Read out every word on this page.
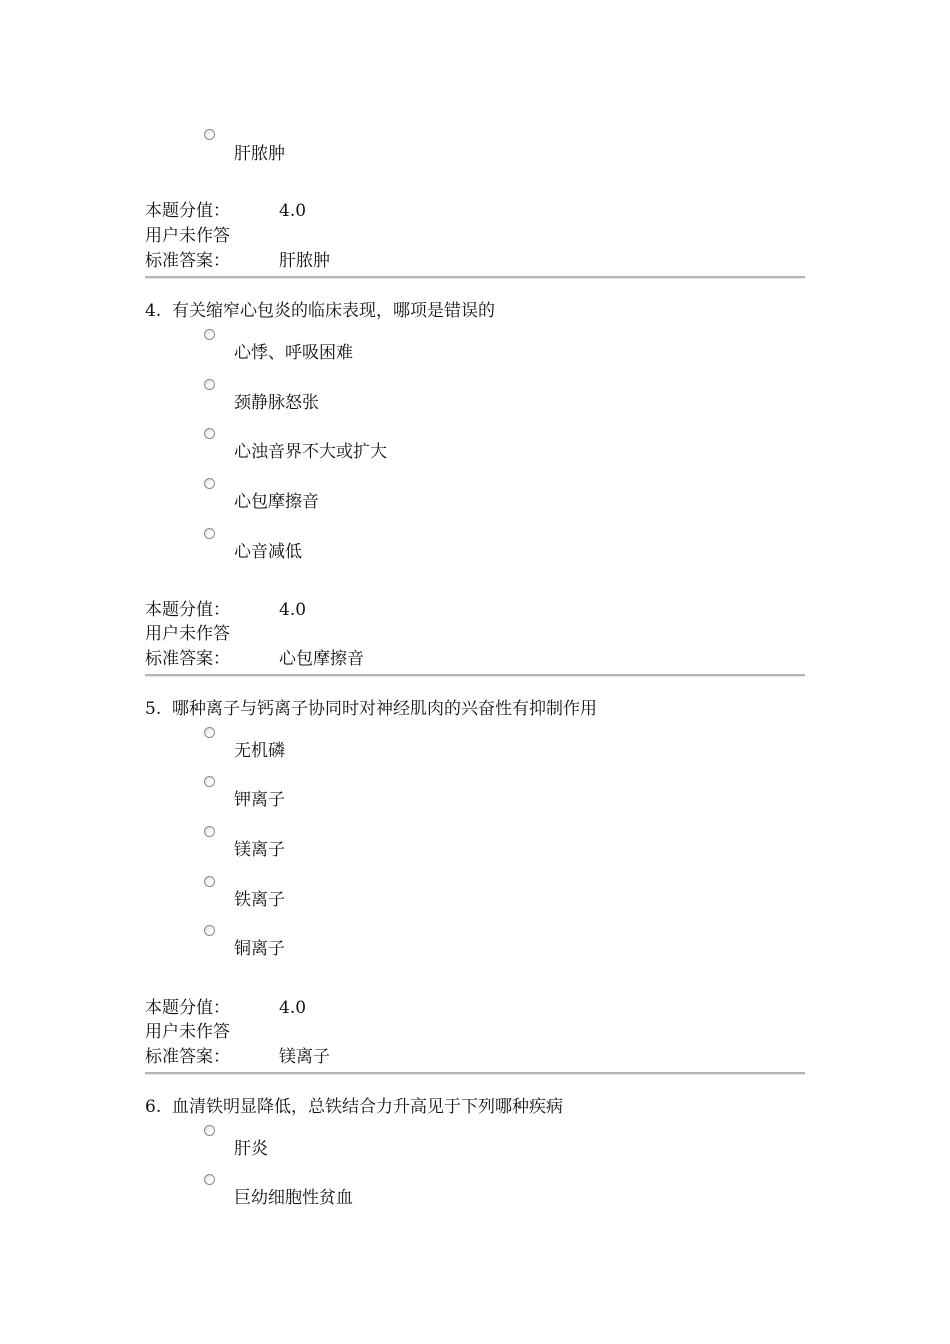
肝脓肿
本题分值：	4.0
用户未作答
标准答案：	肝脓肿
4. 有关缩窄心包炎的临床表现，哪项是错误的
心悸、呼吸困难
颈静脉怒张
心浊音界不大或扩大
心包摩擦音
心音减低
本题分值：	4.0
用户未作答
标准答案：	心包摩擦音
5. 哪种离子与钙离子协同时对神经肌肉的兴奋性有抑制作用
无机磷
钾离子
镁离子
铁离子
铜离子
本题分值：	4.0
用户未作答
标准答案：	镁离子
6. 血清铁明显降低，总铁结合力升高见于下列哪种疾病
肝炎
巨幼细胞性贫血
